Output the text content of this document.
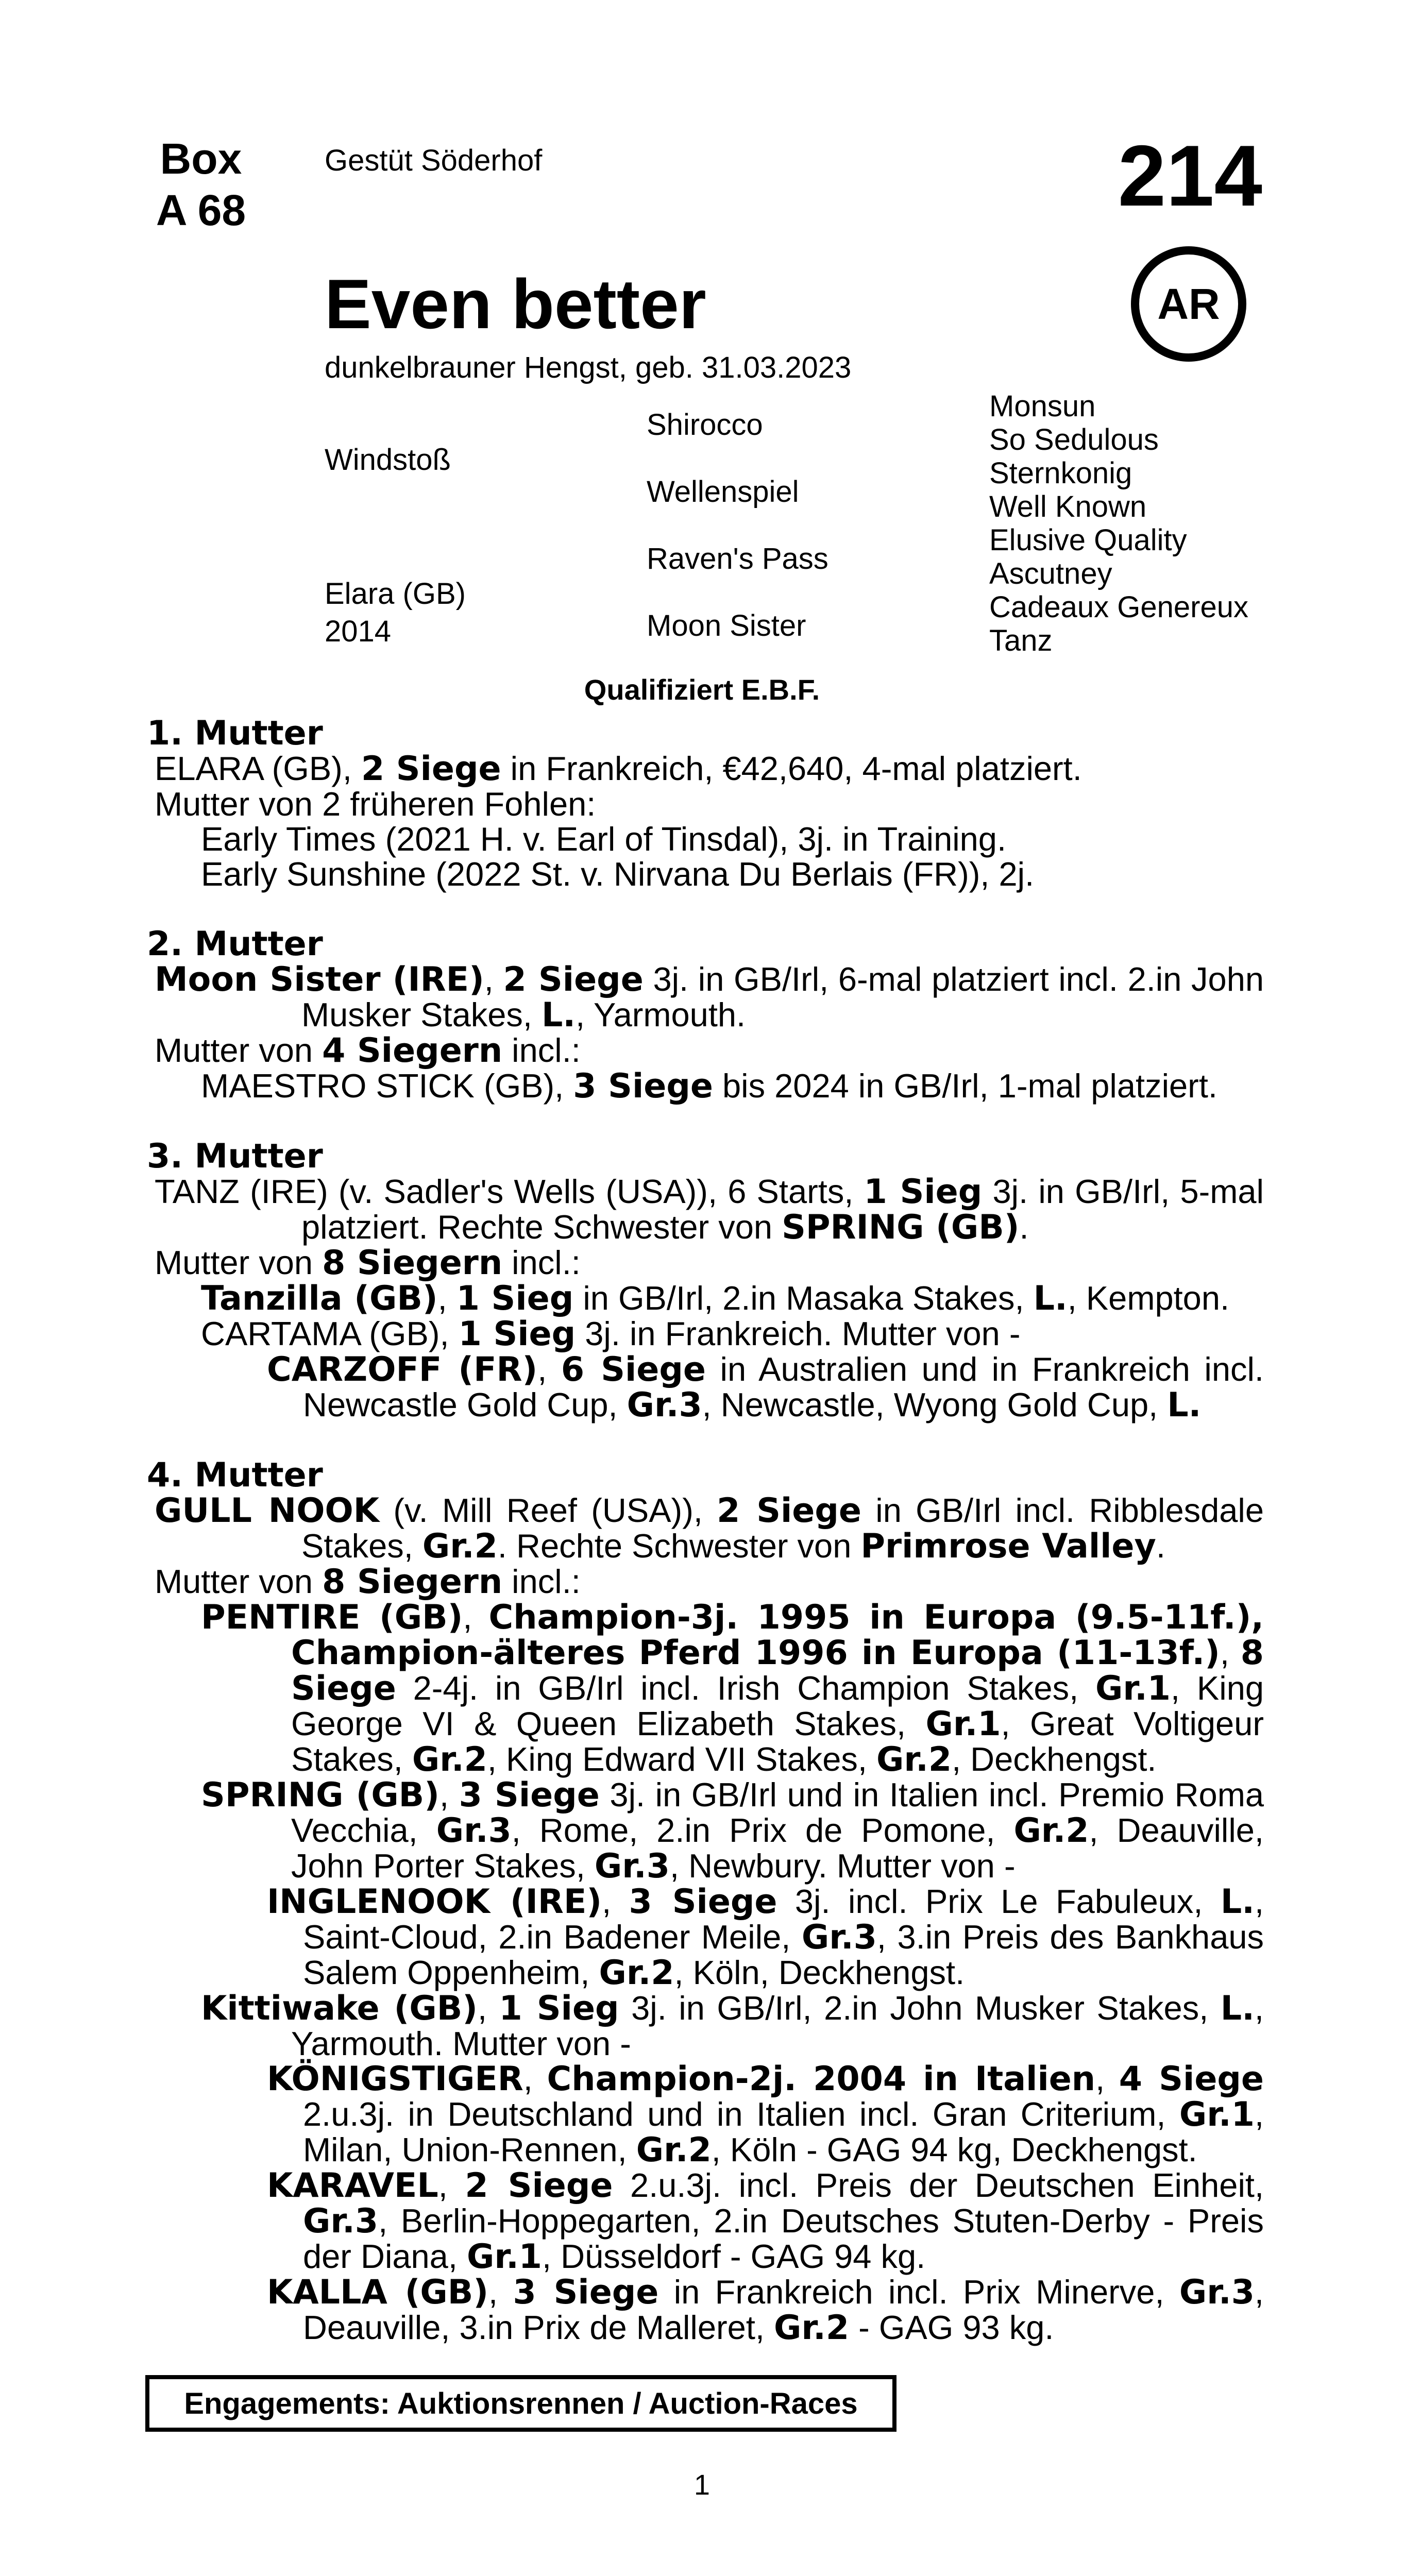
Box
A 68
Gestüt Söderhof	214
AR
Even better
dunkelbrauner Hengst, geb. 31.03.2023
Windstoß
Elara (GB)
2014
Shirocco
Wellenspiel
Raven's Pass
Moon Sister
Monsun
So Sedulous
Sternkonig
Well Known
Elusive Quality
Ascutney
Cadeaux Genereux
Tanz
Qualifiziert E.B.F.
1. Mutter
ELARA (GB), 2 Siege in Frankreich, €42,640, 4-mal platziert.
Mutter von 2 früheren Fohlen:
Early Times (2021 H. v. Earl of Tinsdal), 3j. in Training.
Early Sunshine (2022 St. v. Nirvana Du Berlais (FR)), 2j.
2. Mutter
Moon Sister (IRE), 2 Siege 3j. in GB/Irl, 6-mal platziert incl. 2.in John Musker Stakes, L., Yarmouth.
Mutter von 4 Siegern incl.:
MAESTRO STICK (GB), 3 Siege bis 2024 in GB/Irl, 1-mal platziert.
3. Mutter
TANZ (IRE) (v. Sadler's Wells (USA)), 6 Starts, 1 Sieg 3j. in GB/Irl, 5-mal platziert. Rechte Schwester von SPRING (GB).
Mutter von 8 Siegern incl.:
Tanzilla (GB), 1 Sieg in GB/Irl, 2.in Masaka Stakes, L., Kempton.
CARTAMA (GB), 1 Sieg 3j. in Frankreich. Mutter von -
CARZOFF (FR), 6 Siege in Australien und in Frankreich incl. Newcastle Gold Cup, Gr.3, Newcastle, Wyong Gold Cup, L.
4. Mutter
GULL NOOK (v. Mill Reef (USA)), 2 Siege in GB/Irl incl. Ribblesdale Stakes, Gr.2. Rechte Schwester von Primrose Valley.
Mutter von 8 Siegern incl.:
PENTIRE (GB), Champion-3j. 1995 in Europa (9.5-11f.), Champion-älteres Pferd 1996 in Europa (11-13f.), 8 Siege 2-4j. in GB/Irl incl. Irish Champion Stakes, Gr.1, King George VI & Queen Elizabeth Stakes, Gr.1, Great Voltigeur Stakes, Gr.2, King Edward VII Stakes, Gr.2, Deckhengst.
SPRING (GB), 3 Siege 3j. in GB/Irl und in Italien incl. Premio Roma Vecchia, Gr.3, Rome, 2.in Prix de Pomone, Gr.2, Deauville, John Porter Stakes, Gr.3, Newbury. Mutter von -
INGLENOOK (IRE), 3 Siege 3j. incl. Prix Le Fabuleux, L., Saint-Cloud, 2.in Badener Meile, Gr.3, 3.in Preis des Bankhaus Salem Oppenheim, Gr.2, Köln, Deckhengst.
Kittiwake (GB), 1 Sieg 3j. in GB/Irl, 2.in John Musker Stakes, L., Yarmouth. Mutter von -
KÖNIGSTIGER, Champion-2j. 2004 in Italien, 4 Siege 2.u.3j. in Deutschland und in Italien incl. Gran Criterium, Gr.1, Milan, Union-Rennen, Gr.2, Köln - GAG 94 kg, Deckhengst.
KARAVEL, 2 Siege 2.u.3j. incl. Preis der Deutschen Einheit, Gr.3, Berlin-Hoppegarten, 2.in Deutsches Stuten-Derby - Preis der Diana, Gr.1, Düsseldorf - GAG 94 kg.
KALLA (GB), 3 Siege in Frankreich incl. Prix Minerve, Gr.3, Deauville, 3.in Prix de Malleret, Gr.2 - GAG 93 kg.
Engagements: Auktionsrennen / Auction-Races
1
